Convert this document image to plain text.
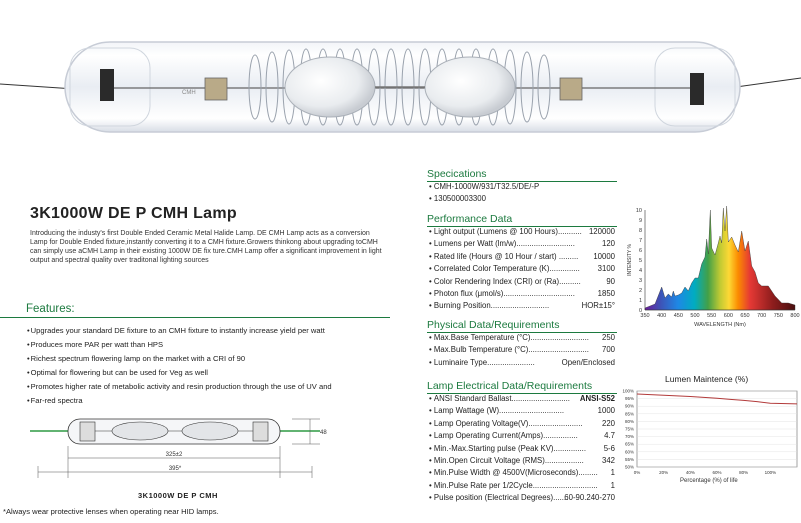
CMH
3K1000W DE P CMH Lamp
Introducing the industy's first Double Ended Ceramic Metal Halide Lamp. DE CMH Lamp acts as a conversion Lamp for Double Ended fixture,instantly converting it to a CMH fixture.Growers thinkong about upgrading toCMH can simply use aCMH Lamp in their existing 1000W DE fix ture.CMH Lamp offer a significant improvement in light output and spectral quality over traditonal lighting sources
Features:
• Upgrades your standard DE fixture to an CMH fixture to instantly increase yield per watt
• Produces more PAR per watt than HPS
• Richest spectrum flowering lamp on the market with a CRI of 90
• Optimal for flowering but can be used for Veg as well
• Promotes higher rate of metabolic activity and resin production through the use of UV and
• Far-red spectra
325±2
395*
48
3K1000W DE P CMH
*Always wear protective lenses when operating near HID lamps.
Specications
• CMH-1000W/931/T32.5/DE/-P
• 130500003300
Performance Data
• Light output (Lumens @ 100 Hours)........... 120000
• Lumens per Watt (lm/w)...........................	120
• Rated life (Hours @ 10 Hour / start) ......... 10000
• Correlated Color Temperature (K).............. 3100
• Color Rendering Index (CRI) or (Ra)..........	90
• Photon flux (μmol/s).................................	1850
• Burning Position...........................	HOR±15°
Physical Data/Requirements
• Max.Base Temperature (°C)........................... 250
• Max.Bulb Temperature (°C)............................ 700
• Luminaire Type......................	Open/Enclosed
Lamp Electrical Data/Requirements
• ANSI Standard Ballast........................... ANSI-S52
• Lamp Wattage (W)..............................	1000
• Lamp Operating Voltage(V)......................... 220
• Lamp Operating Current(Amps)................	4.7
• Min.-Max.Starting pulse (Peak KV)............... 5-6
• Min.Open Circuit Voltage (RMS).................. 342
• Min.Pulse Width @ 4500V(Microseconds)......... 1
• Min.Pulse Rate per 1/2Cycle.............................. 1
• Pulse position (Electrical Degrees).......
60-90.240-270
350 400 450 500 550 600 650 700 750 800
0
1
2
3
4
5
6
7
8
9
10
WAVELENGTH (Nm)
INTENSITY %
Lumen Maintence (%)
100%
95%
90%
85%
80%
75%
70%
65%
60%
55%
50%
0%	20%	40%	60%	80%	100%
Percentage (%) of life
